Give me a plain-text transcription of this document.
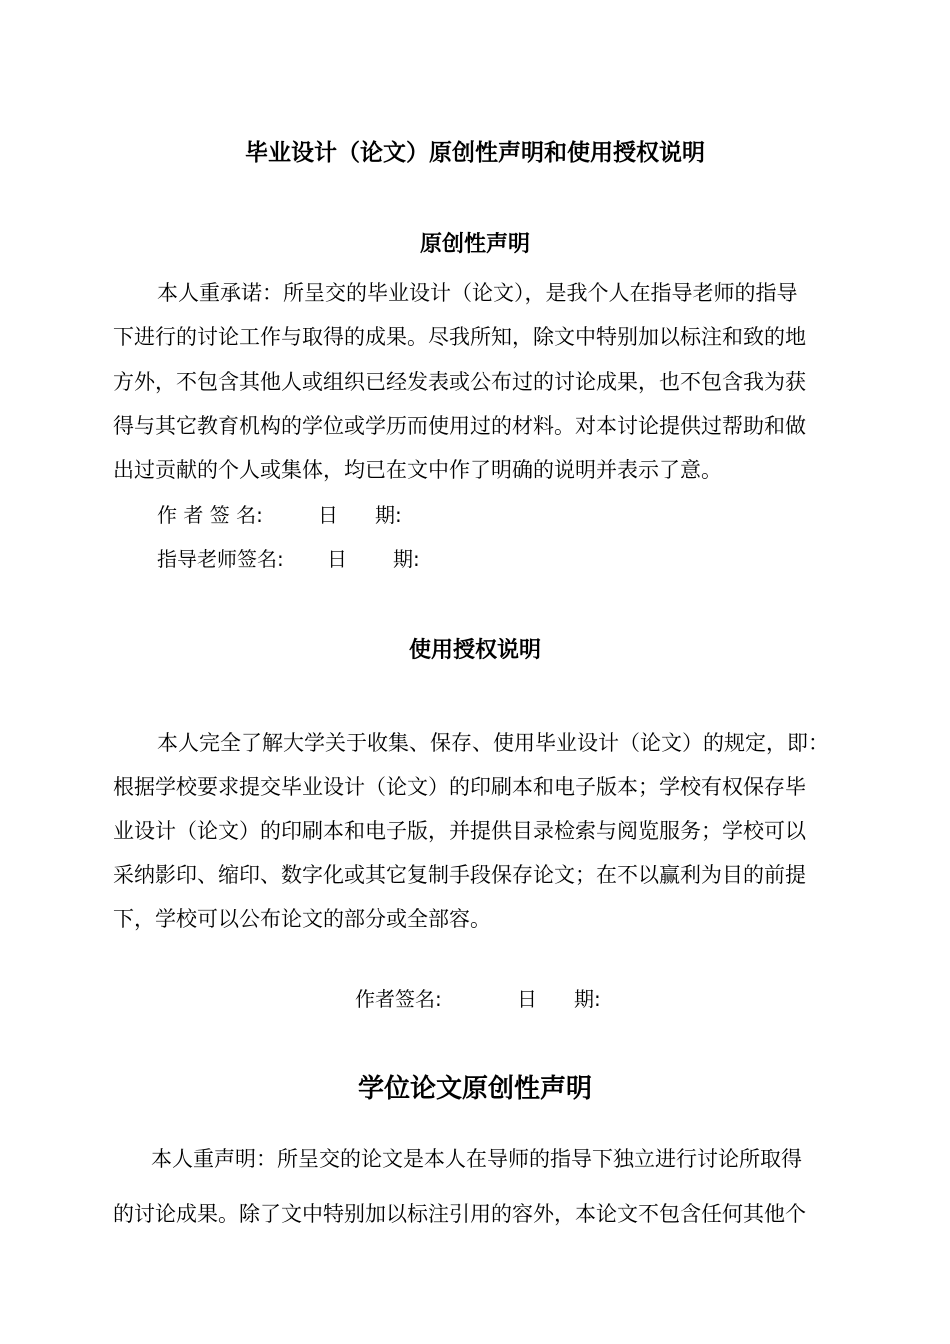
毕业设计（论文）原创性声明和使用授权说明
原创性声明
本人重承诺：所呈交的毕业设计（论文），是我个人在指导老师的指导
下进行的讨论工作与取得的成果。尽我所知，除文中特别加以标注和致的地
方外，不包含其他人或组织已经发表或公布过的讨论成果，也不包含我为获
得与其它教育机构的学位或学历而使用过的材料。对本讨论提供过帮助和做
出过贡献的个人或集体，均已在文中作了明确的说明并表示了意。
作 者 签 名:	日 期:
指导老师签名: 日 期:
使用授权说明
本人完全了解大学关于收集、保存、使用毕业设计（论文）的规定，即：
根据学校要求提交毕业设计（论文）的印刷本和电子版本；学校有权保存毕
业设计（论文）的印刷本和电子版，并提供目录检索与阅览服务；学校可以
采纳影印、缩印、数字化或其它复制手段保存论文；在不以赢利为目的前提
下，学校可以公布论文的部分或全部容。
作者签名:	日 期:
学位论文原创性声明
本人重声明：所呈交的论文是本人在导师的指导下独立进行讨论所取得
的讨论成果。除了文中特别加以标注引用的容外，本论文不包含任何其他个
